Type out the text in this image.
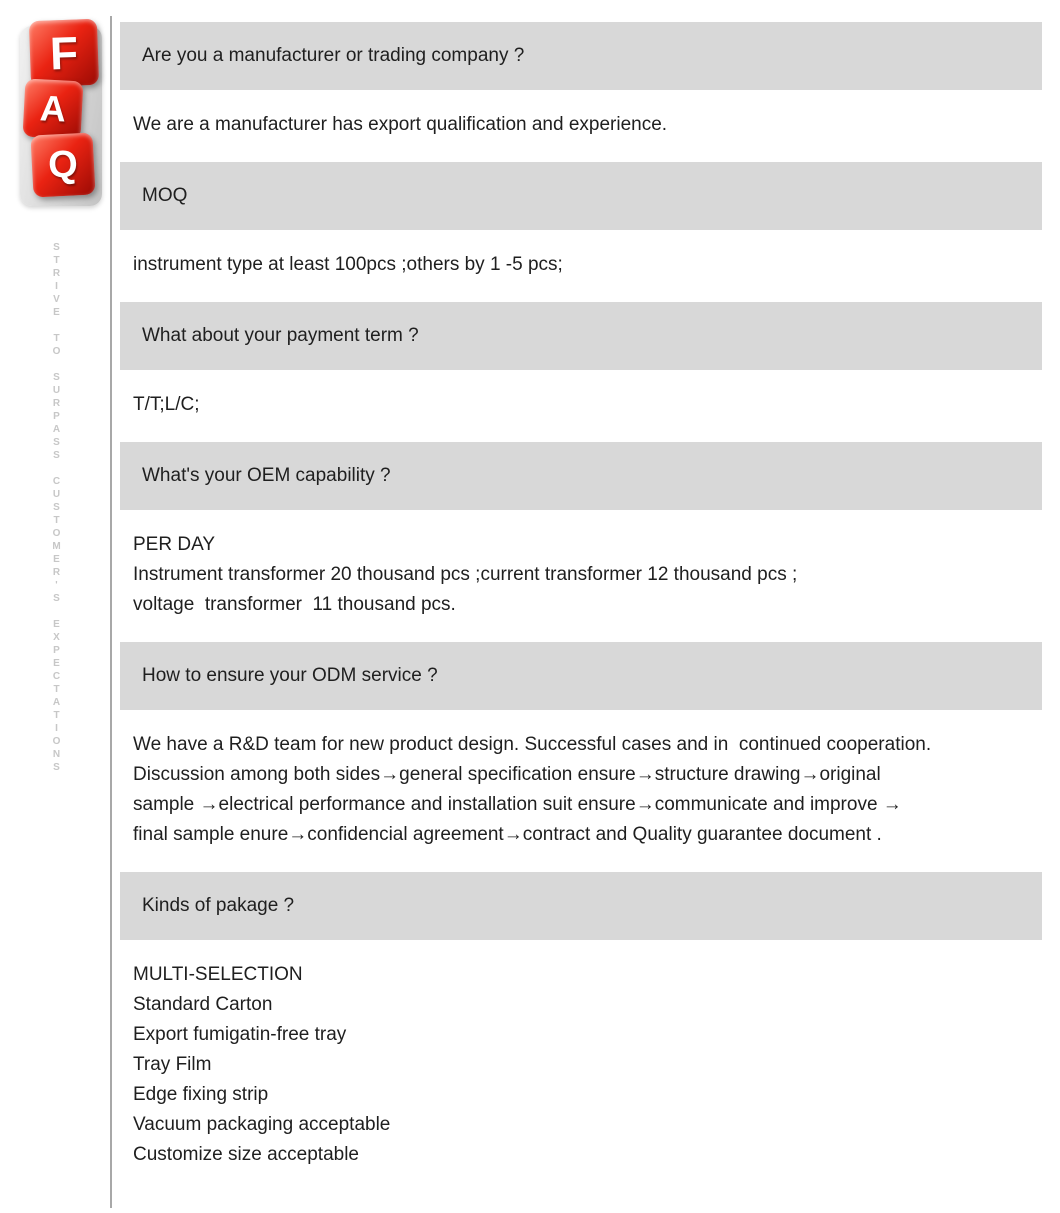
F
A
Q
STRIVE TO SURPASS CUSTOMER'S EXPECTATIONS
Are you a manufacturer or trading company ?
We are a manufacturer has export qualification and experience.
MOQ
instrument type at least 100pcs ;others by 1 -5 pcs;
What about your payment term ?
T/T;L/C;
What's your OEM capability ?
PER DAY
Instrument transformer 20 thousand pcs ;current transformer 12 thousand pcs ;
voltage  transformer  11 thousand pcs.
How to ensure your ODM service ?
We have a R&D team for new product design. Successful cases and in  continued cooperation.
Discussion among both sides→general specification ensure→structure drawing→original
sample →electrical performance and installation suit ensure→communicate and improve →
final sample enure→confidencial agreement→contract and Quality guarantee document .
Kinds of pakage ?
MULTI-SELECTION
Standard Carton
Export fumigatin-free tray
Tray Film
Edge fixing strip
Vacuum packaging acceptable
Customize size acceptable
